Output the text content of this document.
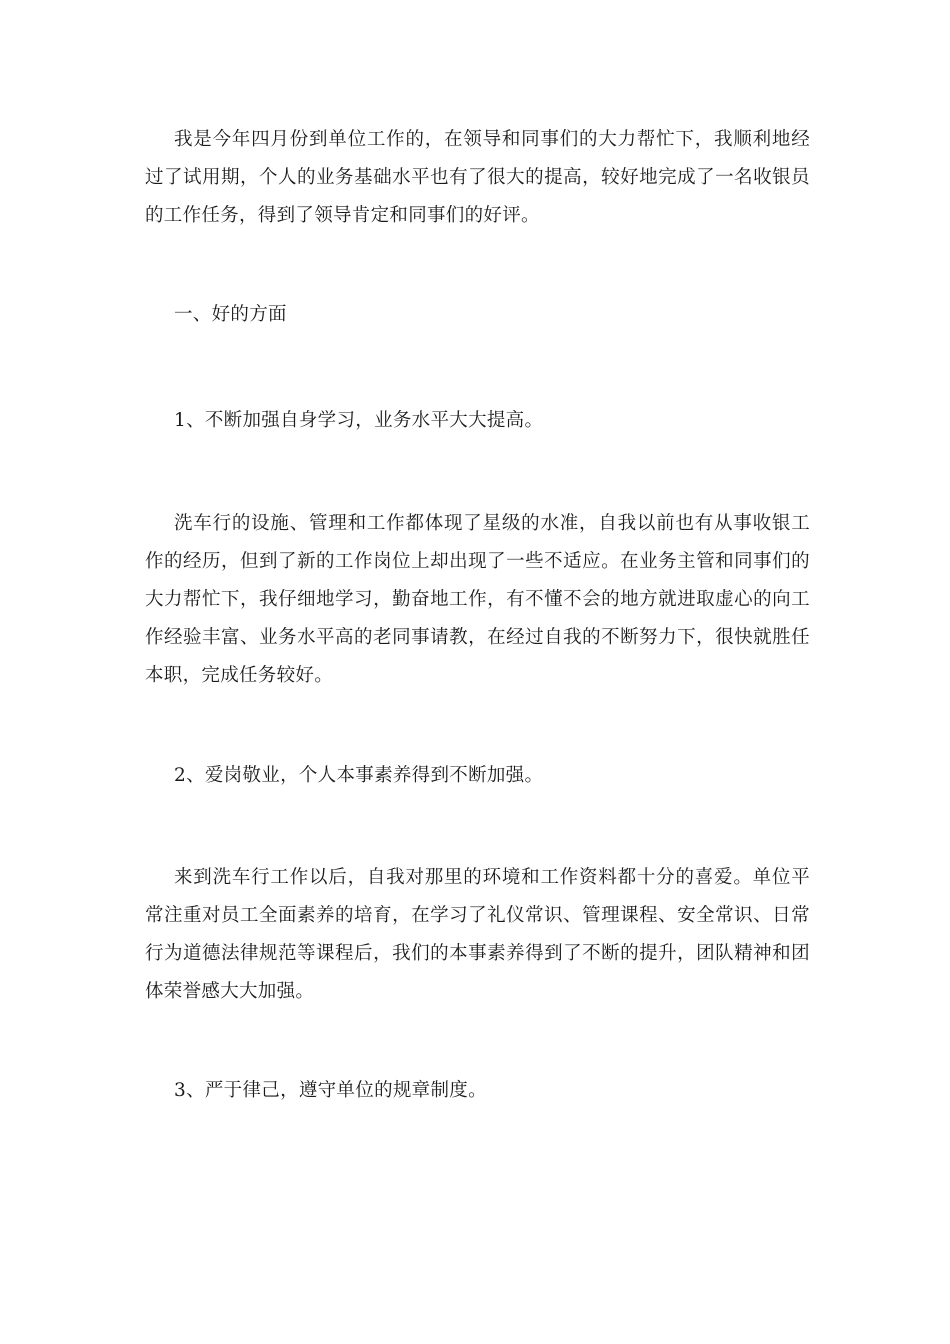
我是今年四月份到单位工作的，在领导和同事们的大力帮忙下，我顺利地经过了试用期，个人的业务基础水平也有了很大的提高，较好地完成了一名收银员的工作任务，得到了领导肯定和同事们的好评。

一、好的方面

1、不断加强自身学习，业务水平大大提高。

洗车行的设施、管理和工作都体现了星级的水准，自我以前也有从事收银工作的经历，但到了新的工作岗位上却出现了一些不适应。在业务主管和同事们的大力帮忙下，我仔细地学习，勤奋地工作，有不懂不会的地方就进取虚心的向工作经验丰富、业务水平高的老同事请教，在经过自我的不断努力下，很快就胜任本职，完成任务较好。

2、爱岗敬业，个人本事素养得到不断加强。

来到洗车行工作以后，自我对那里的环境和工作资料都十分的喜爱。单位平常注重对员工全面素养的培育，在学习了礼仪常识、管理课程、安全常识、日常行为道德法律规范等课程后，我们的本事素养得到了不断的提升，团队精神和团体荣誉感大大加强。

3、严于律己，遵守单位的规章制度。
